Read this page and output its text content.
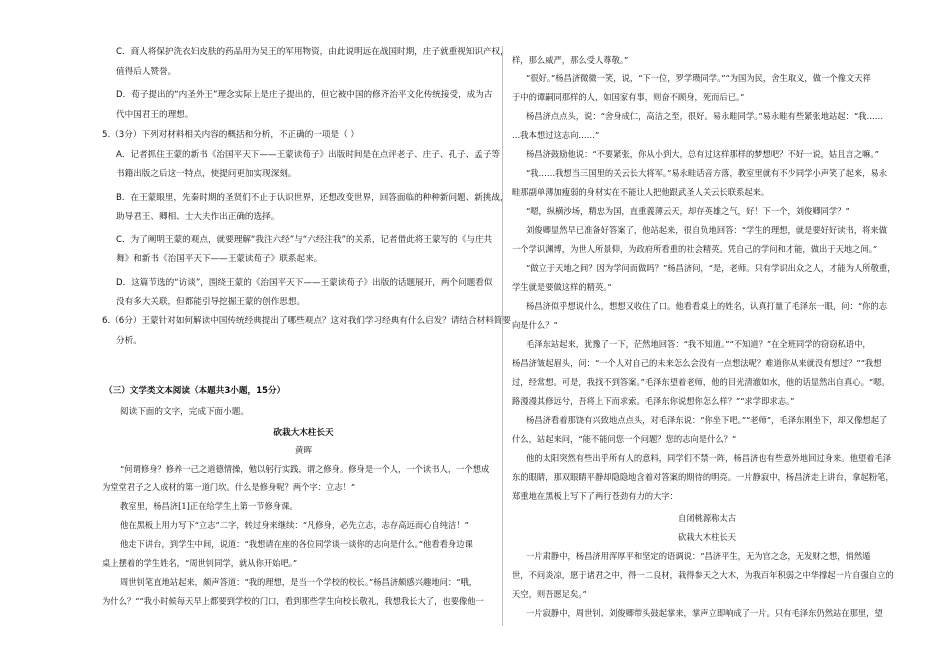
C．商人将保护洗衣妇皮肤的药品用为吴王的军用物资，由此说明远在战国时期，庄子就重视知识产权，
值得后人赞誉。
D．荀子提出的“内圣外王”理念实际上是庄子提出的，但它被中国的修齐治平文化传统接受，成为古
代中国君王的理想。
5.（3分）下列对材料相关内容的概括和分析，不正确的一项是（ ）
A．记者抓住王蒙的新书《治国平天下——王蒙读荀子》出版时间是在点评老子、庄子、孔子、孟子等
书籍出版之后这一特点，使提问更加实现深刻。
B．在王蒙眼里，先秦时期的圣贤们不止于认识世界，还想改变世界，回答面临的种种新问题、新挑战，
助导君王、卿相、士大夫作出正确的选择。
C．为了阐明王蒙的观点，就要理解“我注六经”与“六经注我”的关系，记者借此将王蒙写的《与庄共
舞》和新书《治国平天下——王蒙读荀子》联系起来。
D．这篇节选的“访谈”，围绕王蒙的《治国平天下——王蒙读荀子》出版的话题展开，两个问题看似
没有多大关联，但都能引导挖掘王蒙的创作思想。
6.（6分）王蒙针对如何解读中国传统经典提出了哪些观点？这对我们学习经典有什么启发？请结合材料简要
分析。
（三）文学类文本阅读（本题共3小题，15分）
阅读下面的文字，完成下面小题。
砍栽大木柱长天
黄晖
“何谓修身？修养一己之道德情操，勉以躬行实践，谓之修身。修身是一个人，一个读书人，一个想成
为堂堂君子之人成材的第一道门坎。什么是修身呢？两个字：立志！”
教室里，杨昌济[1]正在给学生上第一节修身课。
他在黑板上用力写下“立志”二字，转过身来继续：“凡修身，必先立志，志存高远而心自纯洁！”
他走下讲台，到学生中间，说道：“我想请在座的各位同学谈一谈你的志向是什么。”他看看身边课
桌上摆着的学生姓名，“周世钊同学，就从你开始吧。”
周世钊笔直地站起来，颇声答道：“我的理想，是当一个学校的校长。”杨昌济颇感兴趣地问：“哦，
为什么？”“我小时候每天早上都要到学校的门口，看到那些学生向校长敬礼，我想我长大了，也要像他一
样，那么威严，那么受人尊敬。”
“很好。”杨昌济微微一笑，说，“下一位，罗学瓒同学。”“为国为民，舍生取义，做一个像文天祥
于中的谭嗣同那样的人，如国家有事，则奋不顾身，死而后已。”
杨昌济点点头，说：“舍身成仁，高洁之至，很好。易永畦同学。”易永畦有些紧张地站起：“我……
…我本想过这志向……”
杨昌济鼓励他说：“不要紧张，你从小到大，总有过这样那样的梦想吧？不好一说，姑且言之嘛。”
“我……我想当三国里的关云长大将军。”易永畦话音方落，教室里就有不少同学小声笑了起来，易永
畦那副单薄加瘦弱的身材实在不能让人把他跟武圣人关云长联系起来。
“嗯，纵横沙场，精忠为国，直重義薄云天，却存英雄之气，好！下一个，刘俊卿同学？”
刘俊卿显然早已准备好答案了，他站起来，很自负地回答：“学生的理想，就是要好好读书，将来做
一个学识渊博，为世人所景仰，为政府所看重的社会精英。凭自己的学问和才能，做出于天地之间。”
“做立于天地之间？因为学问而做吗？”杨昌济问，“是，老师。只有学识出众之人，才能为人所敬重，
学生就是要做这样的精英。”
杨昌济似乎想说什么，想想又收住了口。他看看桌上的姓名，认真打量了毛泽东一眼，问：“你的志
向是什么？”
毛泽东站起来，犹豫了一下，茫然地回答：“我不知道。”“不知道？”在全班同学的窃窃私语中，
杨昌济皱起眉头，问：“一个人对自己的未来怎么会没有一点想法呢？难道你从来就没有想过？”“我想
过，经常想。可是，我找不到答案。”毛泽东望着老师，他的目光清澈如水，他的话显然出自真心。“嗯。
路漫漫其修远兮，吾将上下而求索。毛泽东你说想你怎么样？”“求学即求志。”
杨昌济看着那饶有兴致地点点头，对毛泽东说：“你坐下吧。”“老师”，毛泽东刚坐下，却又像想起了
什么，站起来问，“能不能问您一个问题？您的志向是什么？”
他的太阳突然有些出乎所有人的意料，同学们不禁一阵，杨昌济也有些意外地回过身来。他望着毛泽
东的眼睛，那双眼睛平静却隐隐地含着对答案的期待的明亮。一片静寂中，杨昌济走上讲台，拿起粉笔，
郑重地在黑板上写下了两行苍劲有力的大字：
自闭桃源称太古
砍栽大木柱长天
一片肃静中，杨昌济用浑厚平和坚定的语调说：“昌济平生，无为官之念，无发财之想，悄然遁
世，不问炎凉，愿于诸君之中，得一二良材，栽得参天之大木，为我百年积弱之中华撑起一片自强自立的
天空，则吾愿足矣。”
一片寂静中，周世钊、刘俊卿带头鼓起掌来，掌声立即响成了一片。只有毛泽东仍然站在那里，望
